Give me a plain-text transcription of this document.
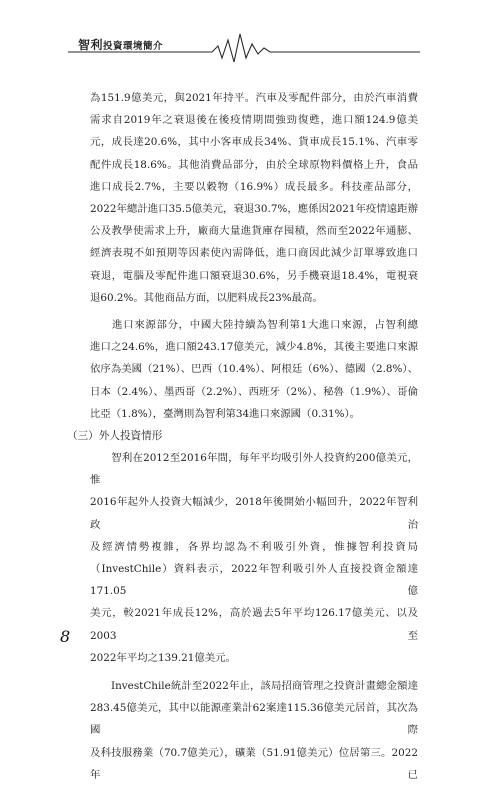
智利投資環境簡介

為151.9億美元，與2021年持平。汽車及零配件部分，由於汽車消費
需求自2019年之衰退後在後疫情期間強勁復甦，進口額124.9億美
元，成長達20.6%，其中小客車成長34%、貨車成長15.1%、汽車零
配件成長18.6%。其他消費品部分，由於全球原物料價格上升，食品
進口成長2.7%，主要以穀物（16.9%）成長最多。科技產品部分，
2022年總計進口35.5億美元，衰退30.7%，應係因2021年疫情遠距辦
公及教學使需求上升，廠商大量進貨庫存囤積，然而至2022年通膨、
經濟表現不如預期等因素使內需降低，進口商因此減少訂單導致進口
衰退，電腦及零配件進口額衰退30.6%，另手機衰退18.4%，電視衰
退60.2%。其他商品方面，以肥料成長23%最高。

　　進口來源部分，中國大陸持續為智利第1大進口來源，占智利總
進口之24.6%，進口額243.17億美元，減少4.8%，其後主要進口來源
依序為美國（21%）、巴西（10.4%）、阿根廷（6%）、德國（2.8%）、
日本（2.4%）、墨西哥（2.2%）、西班牙（2%）、秘魯（1.9%）、哥倫
比亞（1.8%），臺灣則為智利第34進口來源國（0.31%）。

（三）外人投資情形

　　智利在2012至2016年間，每年平均吸引外人投資約200億美元，惟
2016年起外人投資大幅減少，2018年後開始小幅回升，2022年智利政治
及經濟情勢複雜，各界均認為不利吸引外資，惟據智利投資局
（InvestChile）資料表示，2022年智利吸引外人直接投資金額達171.05億
美元，較2021年成長12%，高於過去5年平均126.17億美元、以及2003至
2022年平均之139.21億美元。

　　InvestChile統計至2022年止，該局招商管理之投資計畫總金額達
283.45億美元，其中以能源產業計62案達115.36億美元居首，其次為國際
及科技服務業（70.7億美元），礦業（51.91億美元）位居第三。2022年已

8
